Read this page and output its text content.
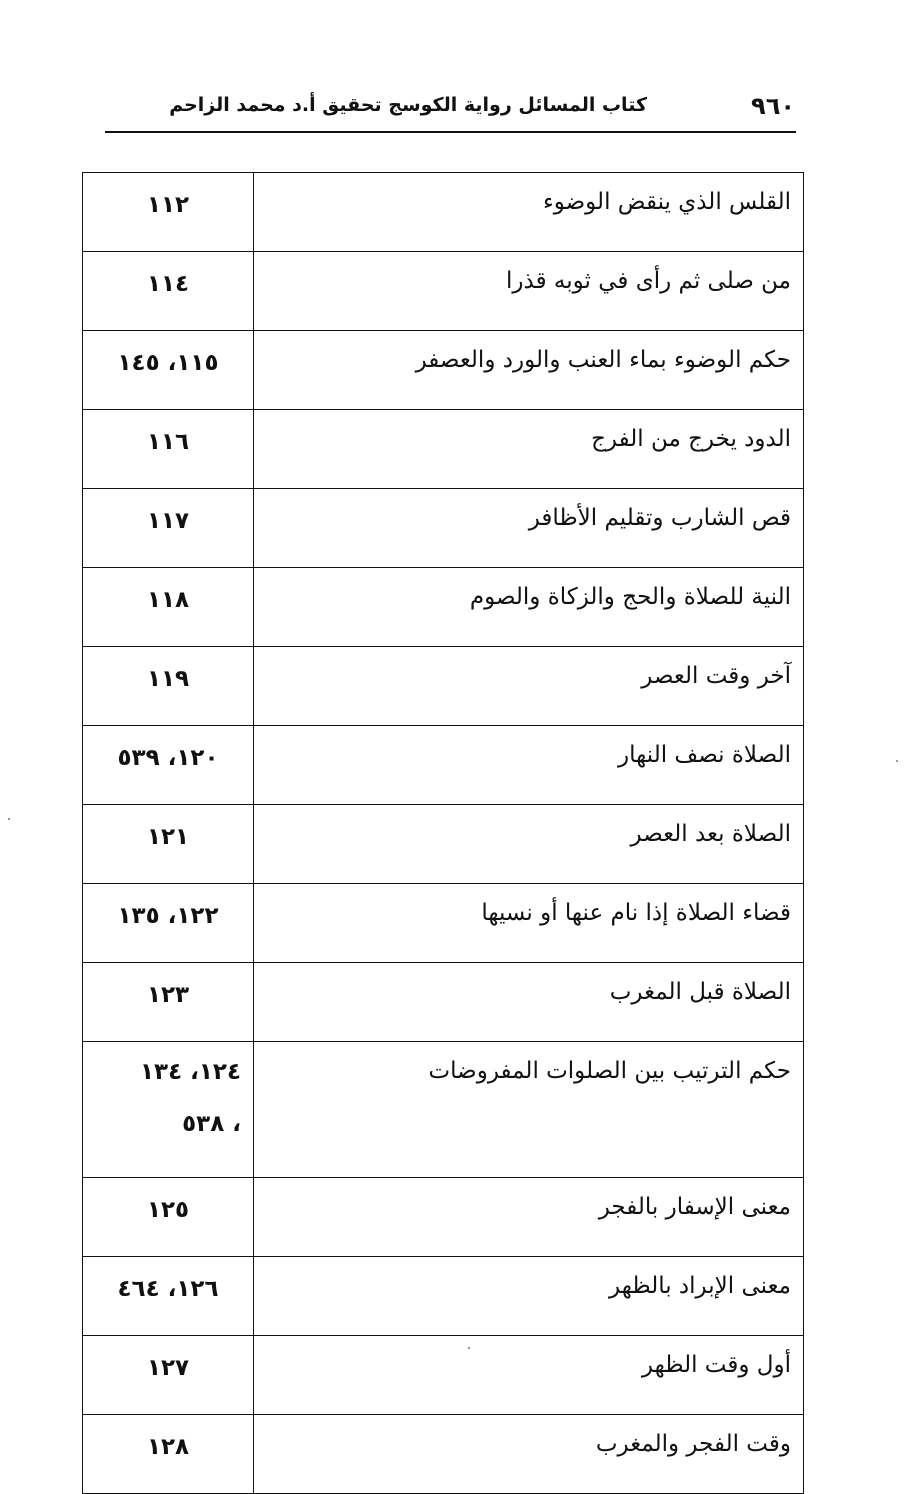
٩٦٠
كتاب المسائل رواية الكوسج تحقيق أ.د محمد الزاحم
القلس الذي ينقض الوضوء	١١٢
من صلى ثم رأى في ثوبه قذرا	١١٤
حكم الوضوء بماء العنب والورد والعصفر	١١٥، ١٤٥
الدود يخرج من الفرج	١١٦
قص الشارب وتقليم الأظافر	١١٧
النية للصلاة والحج والزكاة والصوم	١١٨
آخر وقت العصر	١١٩
الصلاة نصف النهار	١٢٠، ٥٣٩
الصلاة بعد العصر	١٢١
قضاء الصلاة إذا نام عنها أو نسيها	١٢٢، ١٣٥
الصلاة قبل المغرب	١٢٣
حكم الترتيب بين الصلوات المفروضات	١٢٤، ١٣٤
، ٥٣٨

معنى الإسفار بالفجر	١٢٥
معنى الإبراد بالظهر	١٢٦، ٤٦٤
أول وقت الظهر	١٢٧
وقت الفجر والمغرب	١٢٨
